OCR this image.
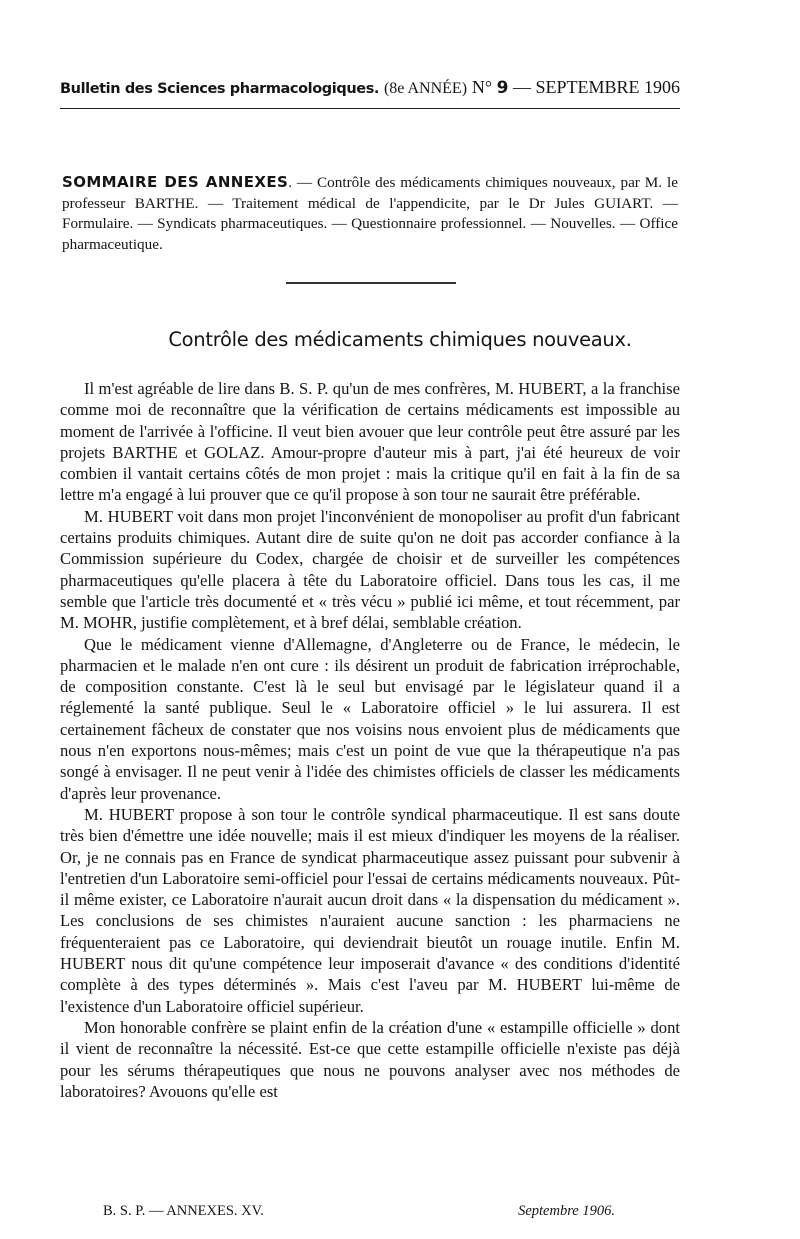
Bulletin des Sciences pharmacologiques. (8e ANNÉE) N° 9 — SEPTEMBRE 1906
SOMMAIRE DES ANNEXES. — Contrôle des médicaments chimiques nouveaux, par M. le professeur BARTHE. — Traitement médical de l'appendicite, par le Dr Jules GUIART. — Formulaire. — Syndicats pharmaceutiques. — Questionnaire professionnel. — Nouvelles. — Office pharmaceutique.
Contrôle des médicaments chimiques nouveaux.

Il m'est agréable de lire dans B. S. P. qu'un de mes confrères, M. HUBERT, a la franchise comme moi de reconnaître que la vérification de certains médicaments est impossible au moment de l'arrivée à l'officine. Il veut bien avouer que leur contrôle peut être assuré par les projets BARTHE et GOLAZ. Amour-propre d'auteur mis à part, j'ai été heureux de voir combien il vantait certains côtés de mon projet : mais la critique qu'il en fait à la fin de sa lettre m'a engagé à lui prouver que ce qu'il propose à son tour ne saurait être préférable.

M. HUBERT voit dans mon projet l'inconvénient de monopoliser au profit d'un fabricant certains produits chimiques. Autant dire de suite qu'on ne doit pas accorder confiance à la Commission supérieure du Codex, chargée de choisir et de surveiller les compétences pharmaceutiques qu'elle placera à tête du Laboratoire officiel. Dans tous les cas, il me semble que l'article très documenté et « très vécu » publié ici même, et tout récemment, par M. MOHR, justifie complètement, et à bref délai, semblable création.

Que le médicament vienne d'Allemagne, d'Angleterre ou de France, le médecin, le pharmacien et le malade n'en ont cure : ils désirent un produit de fabrication irréprochable, de composition constante. C'est là le seul but envisagé par le législateur quand il a réglementé la santé publique. Seul le « Laboratoire officiel » le lui assurera. Il est certainement fâcheux de constater que nos voisins nous envoient plus de médicaments que nous n'en exportons nous-mêmes; mais c'est un point de vue que la thérapeutique n'a pas songé à envisager. Il ne peut venir à l'idée des chimistes officiels de classer les médicaments d'après leur provenance.

M. HUBERT propose à son tour le contrôle syndical pharmaceutique. Il est sans doute très bien d'émettre une idée nouvelle; mais il est mieux d'indiquer les moyens de la réaliser. Or, je ne connais pas en France de syndicat pharmaceutique assez puissant pour subvenir à l'entretien d'un Laboratoire semi-officiel pour l'essai de certains médicaments nouveaux. Pût-il même exister, ce Laboratoire n'aurait aucun droit dans « la dispensation du médicament ». Les conclusions de ses chimistes n'auraient aucune sanction : les pharmaciens ne fréquenteraient pas ce Laboratoire, qui deviendrait bieutôt un rouage inutile. Enfin M. HUBERT nous dit qu'une compétence leur imposerait d'avance « des conditions d'identité complète à des types déterminés ». Mais c'est l'aveu par M. HUBERT lui-même de l'existence d'un Laboratoire officiel supérieur.

Mon honorable confrère se plaint enfin de la création d'une « estampille officielle » dont il vient de reconnaître la nécessité. Est-ce que cette estampille officielle n'existe pas déjà pour les sérums thérapeutiques que nous ne pouvons analyser avec nos méthodes de laboratoires? Avouons qu'elle est

B. S. P. — ANNEXES. XV.	Septembre 1906.
